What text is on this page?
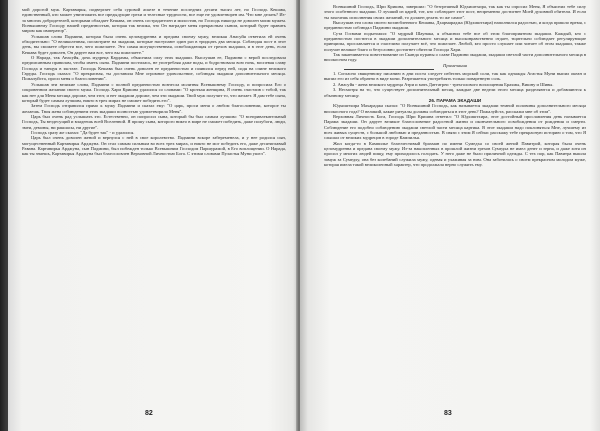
мой дорогой муж. Картавирья, подвергает себя суровой аскезе в течение последних десяти тысяч лет, но Господь Кешава, единственный, кто может уничтожить все предыдущие грехи и телесные трудности, все еще не удовлетворен им. Что мне делать? Из-за многих добродетелей, которыми обладает Кешава, он очень сострадателен и милостив, но Господь никогда не доволен моим мужем. Всевышнему Господу нашей преданностью, которая так велика, что Он наградит меня прекрасным сыном, который будет править миром как император".

Услышав слова Падмини, которая была очень целомудренна и предана своему мужу, великая Анасуйя ответила ей очень обходительно: "О великолепная, посмотрите на экадаши, которые наступают один раз в тридцать два месяца. Соблюдая пост в этот день, вы сможете обрести все, чего пожелаете. Это самая могущественная, освобождающая от грехов экадаши, и в этот день, если Кешава будет доволен, Он дарует вам все, чего вы пожелаете."

О Нарада, так Анасуйя, дочь мудреца Кардамы, объяснила силу этих экадаши. Выслушав ее, Падмини с верой последовала предписанным правилам, чтобы иметь сына. Падмини постилась, не употребляя даже воды, и бодрствовала всю ночь, воспевая славу Господа и танцуя в экстазе. Господь Кешава был очень доволен ее преданностью и появился перед ней, сидя на спине великого Гаруды. Господь сказал: "О прекрасная, ты доставила Мне огромное удовольствие, соблюдая экадаши дополнительного месяца. Пожалуйста, проси меня о благословении".

Услышав эти великие слова, Падмини с полной преданностью вознесла молитвы Всевышнему Господу, и попросила Его о сокровенном желании своего мужа. Господь Хари Кришна удалился со словами: "О кроткая женщина, Я очень счастлив с тобой, так как нет для Меня месяца дороже, чем этот, и нет экадаши дороже, чем эти экадаши. Твой муж получит то, что желает. Я дам тебе сына, который будет самым лучшим, никто в трех мирах не сможет победить его".

Затем Господь отправился прямо к мужу Падмини и сказал ему: "О царь, проси меня о любом благословении, которое ты желаешь. Твоя жена соблюдением этих экадаши полностью удовлетворила Меня".

Царь был очень рад услышать это. Естественно, он попросил сына, который бы был самым лучшим: "О всепривлекательный Господь, Ты вездесущий и владеешь всей Вселенной. Я прошу сына, которого никто в мире не сможет победить, даже полубоги, люди, змеи, демоны, ни ракшасы, ни другие".

Господь сразу же сказал: "Да будет так" - и удалился.

Царь был очень доволен женой и вернулся с ней в свое королевство. Падмини вскоре забеременела, и у нее родился сын, могущественный Картавирья Арджуна. Он стал самым сильным во всех трех мирах, и никто не мог победить его, даже десятиглавый Равана. Картавирья Арджуна, сын Падмини, был побежден только Всевышним Господом Паршурамой, в Его воплощении. О Нарада, как ты знаешь, Картавирья Арджуна был благословлен Верховной Личностью Бога. С этими словами Пуластья Муни ушел".

82

Всевышний Господь, Шри Кришна, завершил: "О безгрешный Юдхиштхира, так как ты спросил Меня, Я объяснил тебе силу этого особенного экадаши. О лучший из царей, тот, кто соблюдает этот пост, непременно достигнет Моей духовной обители. И если ты захочешь исполнения своих желаний, то должен делать то же самое".

Выслушав эти слова своего возлюбленного Кешавы, Дхармараджа (Юдхиштхира) наполнился радостью, и когда пришло время, с преданностью соблюдал Падмини экадаши.

Сута Госвами подытожил: "О мудрый Шаунака, я объяснил тебе все об этом благоприятном экадаши. Каждый, кто с преданностью постится в экадаши дополнительного месяца и высоконравственно отдает, тщательно соблюдает регулирующие принципы, прославляется и счастливо получает всё, что пожелает. Любой, кто просто слушает или читает об этом экадаши, также получит великое благо и безусловно достигнет обители Господа Хари.

Так заканчивается повествование из Сканда пураны о славе Падмини экадаши, экадаши светлой части дополнительного месяца в високосном году.

Примечания

1. Согласно священному писанию в дни поста следует избегать морской соли, так как однажды Агастья Муни выпил океан и выпил его из себя обратно в виде мочи. Разрешается употреблять только поваренную соль.

2. Анасуйя - жена великого мудреца Атри и мать Даттатреи - трехголового воплощения Брахмы, Вишну и Шивы.

3. Несмотря на то, что существует дополнительный месяц, каждые две недели этого месяца разделяются и добавляются к обычному месяцу.

26. ПАРАМА ЭКАДАШИ

Юдхиштхира Махараджа сказал: "О Всевышний Господь, как называется экадаши темной половины дополнительного месяца високосного года? О великий, какие ритуалы должны соблюдаться в этот день? Пожалуйста, расскажи мне об этом".

Верховная Личность Бога, Господь Шри Кришна ответил: "О Юдхиштхира, этот достойный прославления день называется Парама экадаши. Он дарует великое благословение радостной жизни и окончательного освобождения от рождения и смерти. Соблюдение его подобно соблюдению экадаши светлой части месяца картика. В этот экадаши надо поклоняться Мне, лучшему из всех живых существ, с большой любовью и преданностью. В связи с этим Я сейчас расскажу тебе прекрасную историю о том, что Я слышал от великих мудрецов в городе Кампилья.

Жил когда-то в Кампилье благочестивый брахман по имени Сумедха со своей женой Павитрой, которая была очень целомудренна и предана своему мужу. Из-за накопленных в прошлой жизни грехов Сумедха не имел денег и зерна, и даже хотя он просил у многих людей пищу, ему приходилось голодать. У него даже не было приличной одежды. С тех пор, как Павитра вышла замуж за Сумедху, она без колебаний служила мужу, одевая и ухаживая за ним. Она заботилась о своем прекрасном молодом муже, которая имела такой великолепный характер, что продолжала верно служить ему.

83
